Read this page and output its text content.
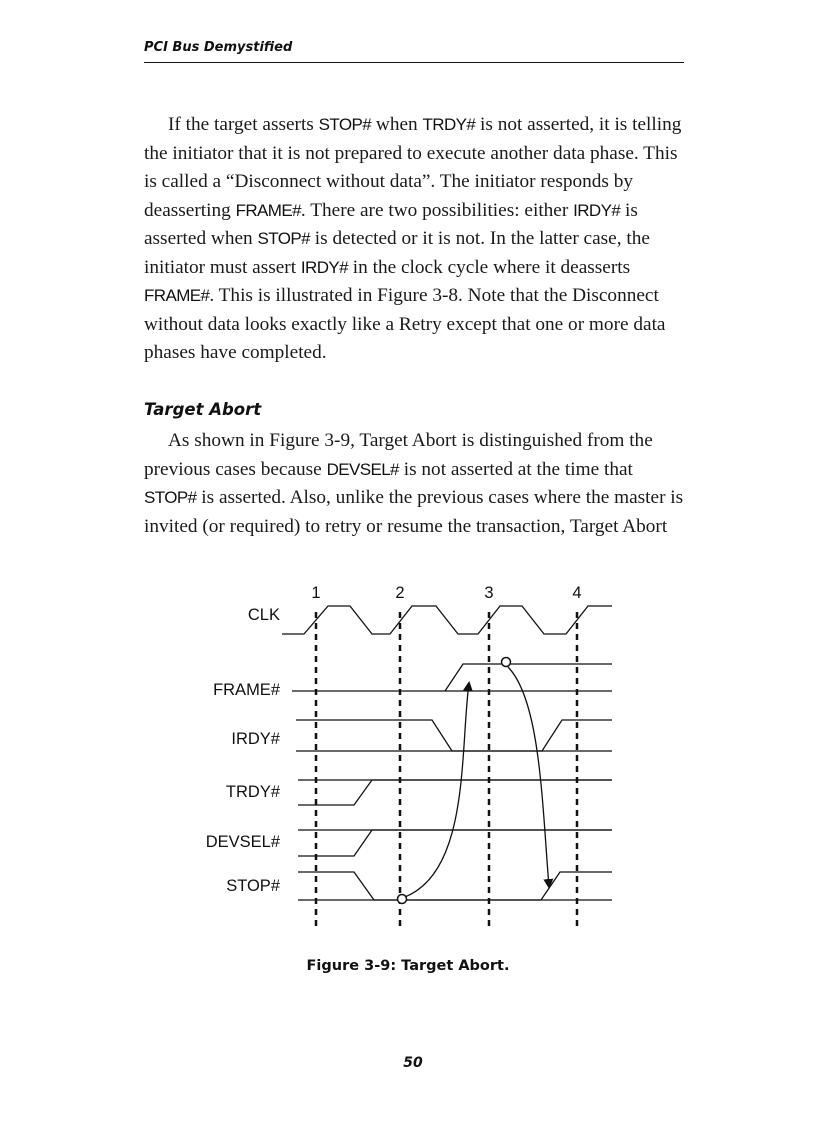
PCI Bus Demystified

If the target asserts STOP# when TRDY# is not asserted, it is telling the initiator that it is not prepared to execute another data phase. This is called a “Disconnect without data”. The initiator responds by deasserting FRAME#. There are two possibilities: either IRDY# is asserted when STOP# is detected or it is not. In the latter case, the initiator must assert IRDY# in the clock cycle where it deasserts FRAME#. This is illustrated in Figure 3-8. Note that the Disconnect without data looks exactly like a Retry except that one or more data phases have completed.

Target Abort

As shown in Figure 3-9, Target Abort is distinguished from the previous cases because DEVSEL# is not asserted at the time that STOP# is asserted. Also, unlike the previous cases where the master is invited (or required) to retry or resume the transaction, Target Abort

1	2	3	4
CLK
FRAME#
IRDY#
TRDY#
DEVSEL#
STOP#
Figure 3-9: Target Abort.
50
